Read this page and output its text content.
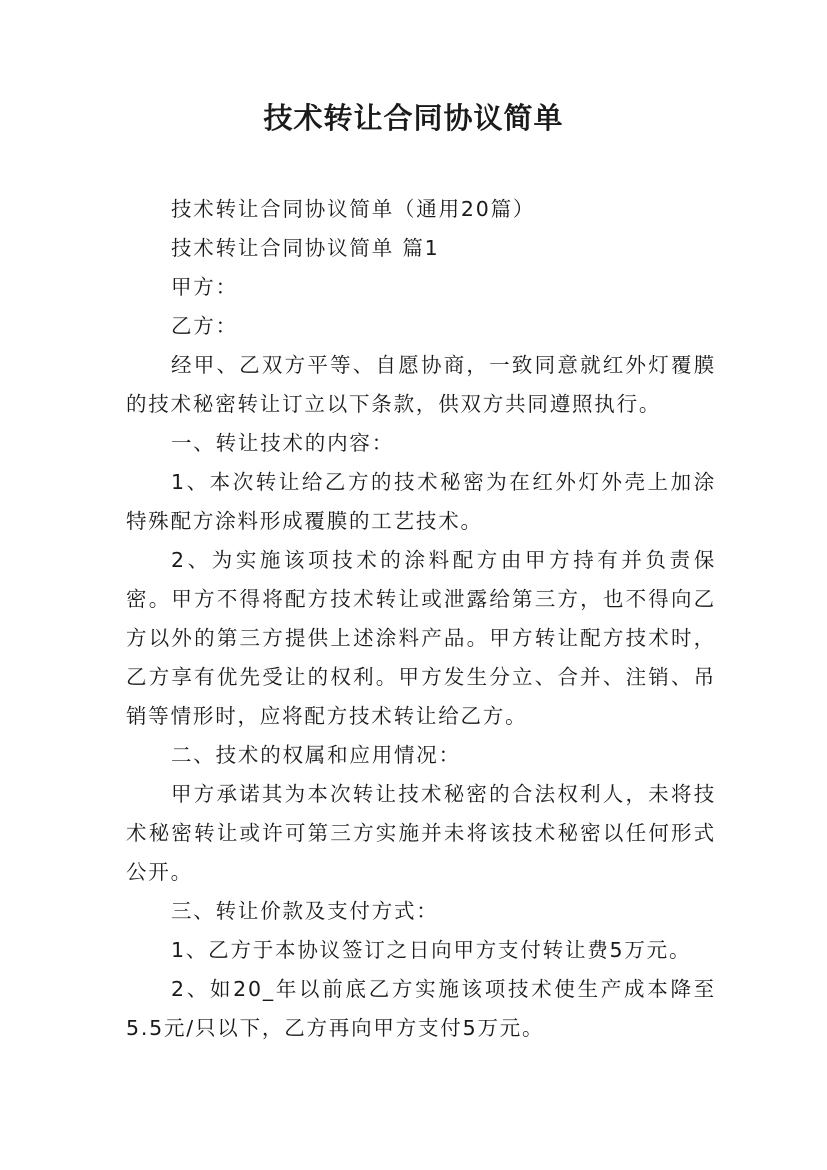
技术转让合同协议简单

技术转让合同协议简单（通用20篇）

技术转让合同协议简单 篇1

甲方：

乙方：

经甲、乙双方平等、自愿协商，一致同意就红外灯覆膜的技术秘密转让订立以下条款，供双方共同遵照执行。

一、转让技术的内容：

1、本次转让给乙方的技术秘密为在红外灯外壳上加涂特殊配方涂料形成覆膜的工艺技术。

2、为实施该项技术的涂料配方由甲方持有并负责保密。甲方不得将配方技术转让或泄露给第三方，也不得向乙方以外的第三方提供上述涂料产品。甲方转让配方技术时，乙方享有优先受让的权利。甲方发生分立、合并、注销、吊销等情形时，应将配方技术转让给乙方。

二、技术的权属和应用情况：

甲方承诺其为本次转让技术秘密的合法权利人，未将技术秘密转让或许可第三方实施并未将该技术秘密以任何形式公开。

三、转让价款及支付方式：

1、乙方于本协议签订之日向甲方支付转让费5万元。

2、如20_年以前底乙方实施该项技术使生产成本降至5.5元/只以下，乙方再向甲方支付5万元。
